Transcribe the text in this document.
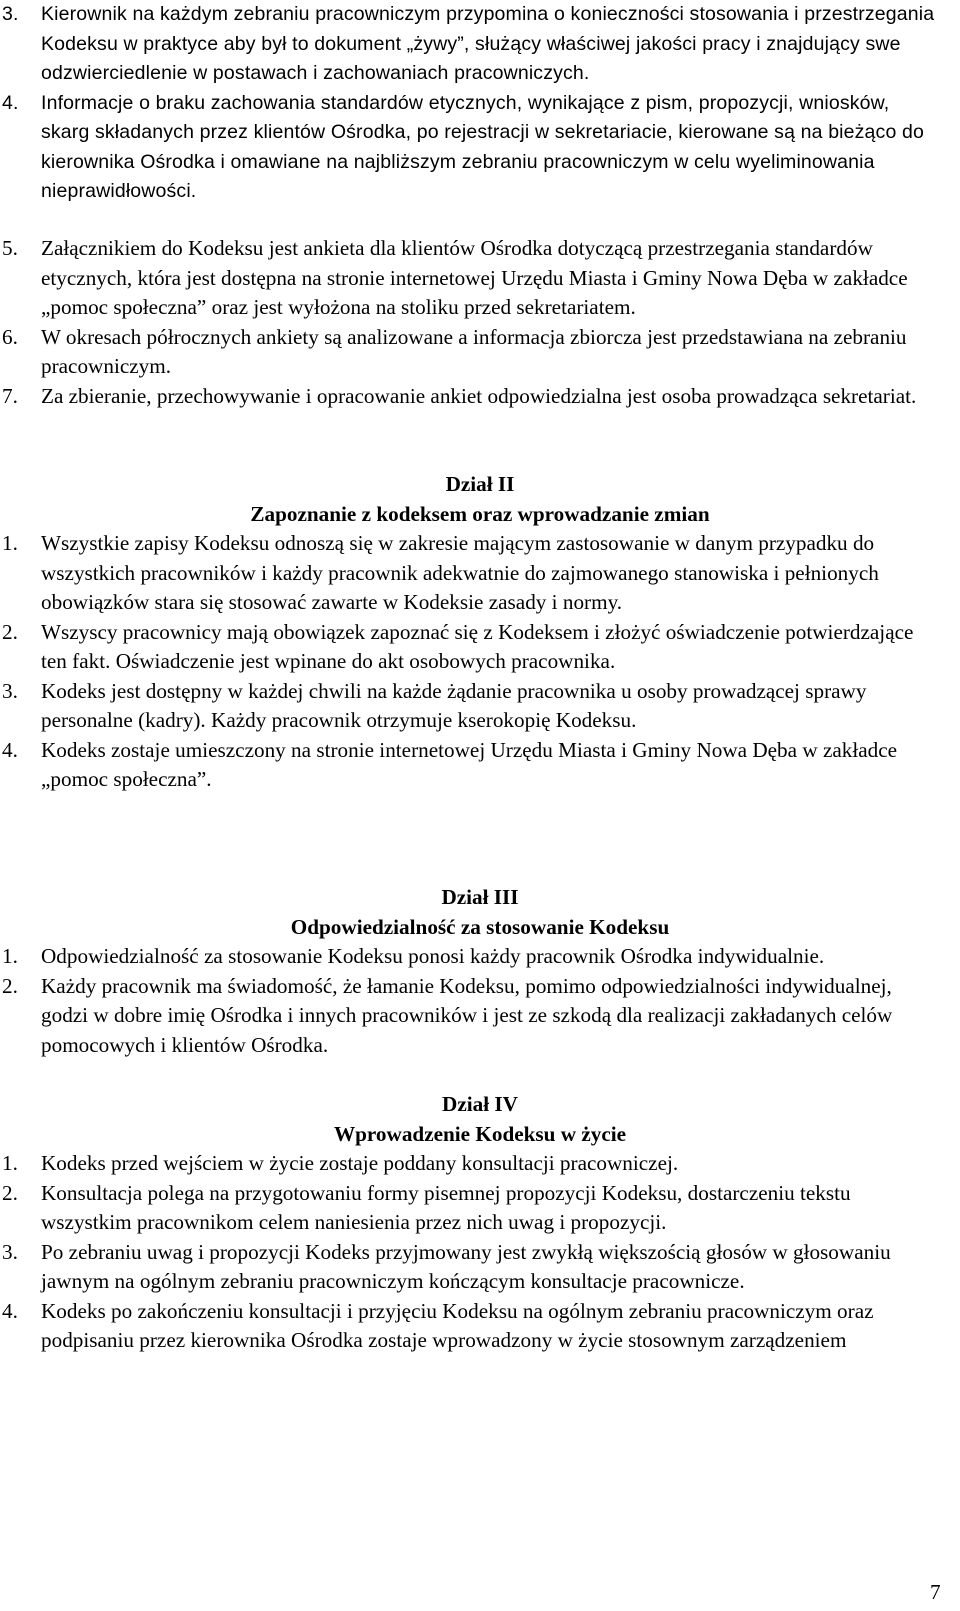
3. Kierownik na każdym zebraniu pracowniczym przypomina o konieczności stosowania i przestrzegania Kodeksu w praktyce aby był to dokument „żywy”, służący właściwej jakości pracy i znajdujący swe odzwierciedlenie w postawach i zachowaniach pracowniczych.
4. Informacje o braku zachowania standardów etycznych, wynikające z pism, propozycji, wniosków, skarg składanych przez klientów Ośrodka, po rejestracji w sekretariacie, kierowane są na bieżąco do kierownika Ośrodka i omawiane na najbliższym zebraniu pracowniczym w celu wyeliminowania nieprawidłowości.
5. Załącznikiem do Kodeksu jest ankieta dla klientów Ośrodka dotyczącą przestrzegania standardów etycznych, która jest dostępna na stronie internetowej Urzędu Miasta i Gminy Nowa Dęba w zakładce „pomoc społeczna” oraz jest wyłożona na stoliku przed sekretariatem.
6. W okresach półrocznych ankiety są analizowane a informacja zbiorcza jest przedstawiana na zebraniu pracowniczym.
7. Za zbieranie, przechowywanie i opracowanie ankiet odpowiedzialna jest osoba prowadząca sekretariat.
Dział II
Zapoznanie z kodeksem oraz wprowadzanie zmian
1. Wszystkie zapisy Kodeksu odnoszą się w zakresie mającym zastosowanie w danym przypadku do wszystkich pracowników i każdy pracownik adekwatnie do zajmowanego stanowiska i pełnionych obowiązków stara się stosować zawarte w Kodeksie zasady i normy.
2. Wszyscy pracownicy mają obowiązek zapoznać się z Kodeksem i złożyć oświadczenie potwierdzające ten fakt. Oświadczenie jest wpinane do akt osobowych pracownika.
3. Kodeks jest dostępny w każdej chwili na każde żądanie pracownika u osoby prowadzącej sprawy personalne (kadry). Każdy pracownik otrzymuje kserokopię Kodeksu.
4. Kodeks zostaje umieszczony na stronie internetowej Urzędu Miasta i Gminy Nowa Dęba w zakładce „pomoc społeczna”.
Dział III
Odpowiedzialność za stosowanie Kodeksu
1. Odpowiedzialność za stosowanie Kodeksu ponosi każdy pracownik Ośrodka indywidualnie.
2. Każdy pracownik ma świadomość, że łamanie Kodeksu, pomimo odpowiedzialności indywidualnej, godzi w dobre imię Ośrodka i innych pracowników i jest ze szkodą dla realizacji zakładanych celów pomocowych i klientów Ośrodka.
Dział IV
Wprowadzenie Kodeksu w życie
1. Kodeks przed wejściem w życie zostaje poddany konsultacji pracowniczej.
2. Konsultacja polega na przygotowaniu formy pisemnej propozycji Kodeksu, dostarczeniu tekstu wszystkim pracownikom celem naniesienia przez nich uwag i propozycji.
3. Po zebraniu uwag i propozycji Kodeks przyjmowany jest zwykłą większością głosów w głosowaniu jawnym na ogólnym zebraniu pracowniczym kończącym konsultacje pracownicze.
4. Kodeks po zakończeniu konsultacji i przyjęciu Kodeksu na ogólnym zebraniu pracowniczym oraz podpisaniu przez kierownika Ośrodka zostaje wprowadzony w życie stosownym zarządzeniem
7
